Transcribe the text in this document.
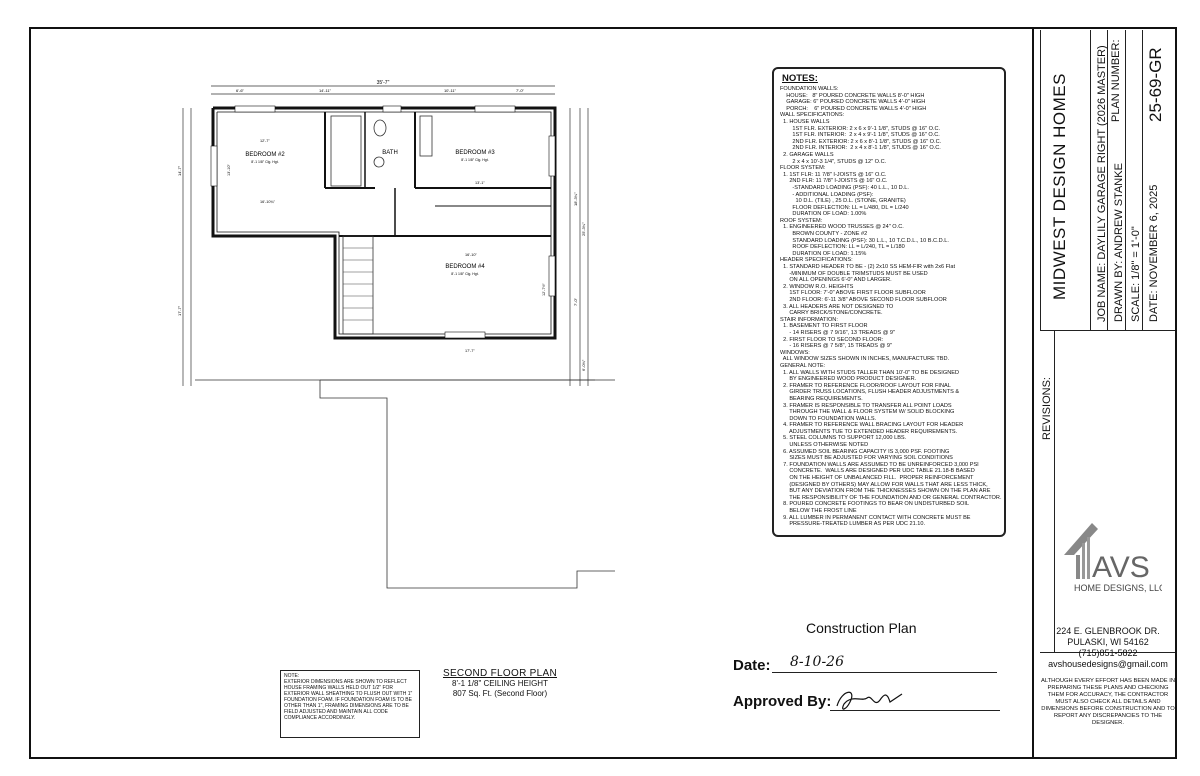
35'-7"
6'-6"	14'-11"	10'-11"	7'-0"
14'-7"
17'-7"
18'-3¼"
25'-3¼"
7'-0"
6'-0¾"
BEDROOM #2
8'-1 1/8" Clg. Hgt.
BEDROOM #3
8'-1 1/8" Clg. Hgt.
BEDROOM #4
8'-1 1/8" Clg. Hgt.
BATH
12'-7"
13'-10"
16'-10¾"
13'-1"
16'-10"
17'-7"
12'-7½"
NOTES:
FOUNDATION WALLS:
HOUSE:   8" POURED CONCRETE WALLS 8'-0" HIGH
GARAGE: 6" POURED CONCRETE WALLS 4'-0" HIGH
PORCH:    6" POURED CONCRETE WALLS 4'-0" HIGH
WALL SPECIFICATIONS:
1. HOUSE WALLS
1ST FLR. EXTERIOR: 2 x 6 x 9'-1 1/8", STUDS @ 16" O.C.
1ST FLR. INTERIOR:  2 x 4 x 9'-1 1/8", STUDS @ 16" O.C.
2ND FLR. EXTERIOR: 2 x 6 x 8'-1 1/8", STUDS @ 16" O.C.
2ND FLR. INTERIOR:  2 x 4 x 8'-1 1/8", STUDS @ 16" O.C.
2. GARAGE WALLS
2 x 4 x 10'-3 1/4", STUDS @ 12" O.C.
FLOOR SYSTEM:
1. 1ST FLR: 11 7/8" I-JOISTS @ 16" O.C.
2ND FLR: 11 7/8" I-JOISTS @ 16" O.C.
-STANDARD LOADING (PSF): 40 L.L., 10 D.L.
- ADDITIONAL LOADING (PSF):
10 D.L. (TILE) , 25 D.L. (STONE, GRANITE)
FLOOR DEFLECTION: LL = L/480, DL = L/240
DURATION OF LOAD: 1.00%
ROOF SYSTEM:
1. ENGINEERED WOOD TRUSSES @ 24" O.C.
BROWN COUNTY - ZONE #2
STANDARD LOADING (PSF): 30 L.L., 10 T.C.D.L., 10 B.C.D.L.
ROOF DEFLECTION: LL = L/240, TL = L/180
DURATION OF LOAD: 1.15%
HEADER SPECIFICATIONS:
1. STANDARD HEADER TO BE - (2) 2x10 SS HEM-FIR with 2x6 Flat
-MINIMUM OF DOUBLE TRIMSTUDS MUST BE USED
ON ALL OPENINGS 6'-0" AND LARGER.
2. WINDOW R.O. HEIGHTS
1ST FLOOR: 7'-0" ABOVE FIRST FLOOR SUBFLOOR
2ND FLOOR: 6'-11 3/8" ABOVE SECOND FLOOR SUBFLOOR
3. ALL HEADERS ARE NOT DESIGNED TO
CARRY BRICK/STONE/CONCRETE.
STAIR INFORMATION:
1. BASEMENT TO FIRST FLOOR
- 14 RISERS @ 7 9/16", 13 TREADS @ 9"
2. FIRST FLOOR TO SECOND FLOOR:
- 16 RISERS @ 7 5/8", 15 TREADS @ 9"
WINDOWS:
ALL WINDOW SIZES SHOWN IN INCHES, MANUFACTURE TBD.
GENERAL NOTE:
1. ALL WALLS WITH STUDS TALLER THAN 10'-0" TO BE DESIGNED
BY ENGINEERED WOOD PRODUCT DESIGNER.
2. FRAMER TO REFERENCE FLOOR/ROOF LAYOUT FOR FINAL
GIRDER TRUSS LOCATIONS, FLUSH HEADER ADJUSTMENTS &
BEARING REQUIREMENTS.
3. FRAMER IS RESPONSIBLE TO TRANSFER ALL POINT LOADS
THROUGH THE WALL & FLOOR SYSTEM W/ SOLID BLOCKING
DOWN TO FOUNDATION WALLS.
4. FRAMER TO REFERENCE WALL BRACING LAYOUT FOR HEADER
ADJUSTMENTS TUE TO EXTENDED HEADER REQUIREMENTS.
5. STEEL COLUMNS TO SUPPORT 12,000 LBS.
UNLESS OTHERWISE NOTED
6. ASSUMED SOIL BEARING CAPACITY IS 3,000 PSF. FOOTING
SIZES MUST BE ADJUSTED FOR VARYING SOIL CONDITIONS
7. FOUNDATION WALLS ARE ASSUMED TO BE UNREINFORCED 3,000 PSI
CONCRETE.  WALLS ARE DESIGNED PER UDC TABLE 21.18-B BASED
ON THE HEIGHT OF UNBALANCED FILL.  PROPER REINFORCEMENT
(DESIGNED BY OTHERS) MAY ALLOW FOR WALLS THAT ARE LESS THICK,
BUT ANY DEVIATION FROM THE THICKNESSES SHOWN ON THE PLAN ARE
THE RESPONSIBILITY OF THE FOUNDATION AND OR GENERAL CONTRACTOR.
8. POURED CONCRETE FOOTINGS TO BEAR ON UNDISTURBED SOIL
BELOW THE FROST LINE
9. ALL LUMBER IN PERMANENT CONTACT WITH CONCRETE MUST BE
PRESSURE-TREATED LUMBER AS PER UDC 21.10.
NOTE:
EXTERIOR DIMENSIONS ARE SHOWN TO REFLECT HOUSE FRAMING WALLS HELD OUT 1/2" FOR EXTERIOR WALL SHEATHING TO FLUSH OUT WITH 1" FOUNDATION FOAM. IF FOUNDATION FOAM IS TO BE OTHER THAN 1", FRAMING DIMENSIONS ARE TO BE FIELD ADJUSTED AND MAINTAIN ALL CODE COMPLIANCE ACCORDINGLY.
SECOND FLOOR PLAN
8'-1 1/8" CEILING HEIGHT
807 Sq. Ft. (Second Floor)
Construction Plan
Date: 8-10-26
Approved By:
MIDWEST DESIGN HOMES JOB NAME: DAYLILY GARAGE RIGHT (2026 MASTER) DRAWN BY: ANDREW STANKE
PLAN NUMBER:
SCALE: 1/8" = 1'-0" DATE: NOVEMBER 6, 2025
25-69-GR
REVISIONS:
AVS
HOME DESIGNS, LLC
224 E. GLENBROOK DR.
PULASKI, WI 54162
(715)851-5822
avshousedesigns@gmail.com
ALTHOUGH EVERY EFFORT HAS BEEN MADE IN PREPARING THESE PLANS AND CHECKING THEM FOR ACCURACY, THE CONTRACTOR MUST ALSO CHECK ALL DETAILS AND DIMENSIONS BEFORE CONSTRUCTION AND TO REPORT ANY DISCREPANCIES TO THE DESIGNER.
